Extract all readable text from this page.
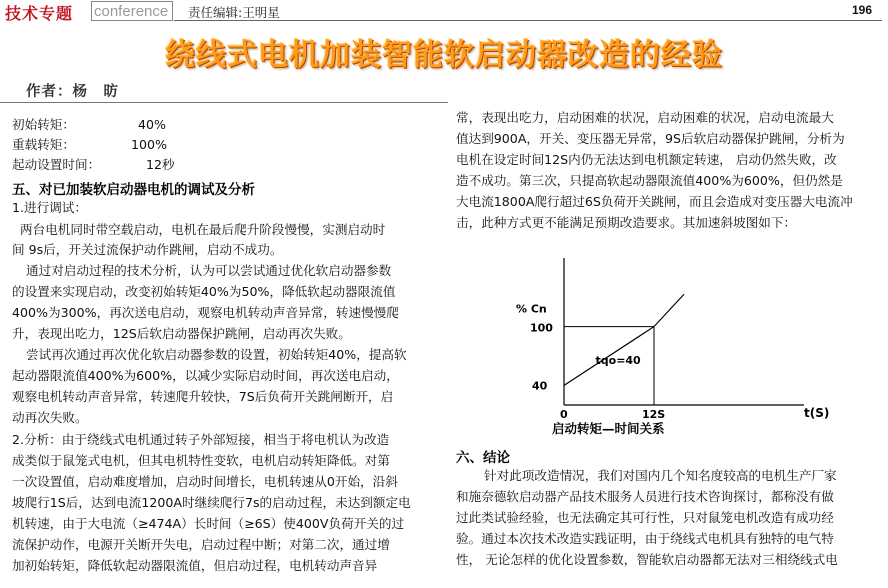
技术专题 conference 责任编辑:王明星	196
绕线式电机加装智能软启动器改造的经验
作者：杨　昉
初始转矩：	40%
重载转矩：	100%
起动设置时间：	12秒
五、对已加装软启动器电机的调试及分析
1.进行调试：
两台电机同时带空载启动，电机在最后爬升阶段慢慢，实测启动时
间 9s后，开关过流保护动作跳闸，启动不成功。
通过对启动过程的技术分析，认为可以尝试通过优化软启动器参数
的设置来实现启动，改变初始转矩40%为50%，降低软起动器限流值
400%为300%，再次送电启动，观察电机转动声音异常，转速慢慢爬
升，表现出吃力，12S后软启动器保护跳闸，启动再次失败。
尝试再次通过再次优化软启动器参数的设置，初始转矩40%，提高软
起动器限流值400%为600%，以减少实际启动时间，再次送电启动，
观察电机转动声音异常，转速爬升较快，7S后负荷开关跳闸断开，启
动再次失败。
2.分析：由于绕线式电机通过转子外部短接，相当于将电机认为改造
成类似于鼠笼式电机，但其电机特性变软，电机启动转矩降低。对第
一次设置值，启动难度增加，启动时间增长，电机转速从0开始，沿斜
坡爬行1S后，达到电流1200A时继续爬行7s的启动过程，未达到额定电
机转速，由于大电流（≥474A）长时间（≥6S）使400V负荷开关的过
流保护动作，电源开关断开失电，启动过程中断；对第二次，通过增
加初始转矩，降低软起动器限流值，但启动过程，电机转动声音异
常，表现出吃力，启动困难的状况，启动困难的状况，启动电流最大
值达到900A，开关、变压器无异常，9S后软启动器保护跳闸，分析为
电机在设定时间12S内仍无法达到电机额定转速， 启动仍然失败，改
造不成功。第三次，只提高软起动器限流值400%为600%，但仍然是
大电流1800A爬行超过6S负荷开关跳闸，而且会造成对变压器大电流冲
击，此种方式更不能满足预期改造要求。其加速斜坡图如下：
% Cn
100
40
0	12S	t(S)
tqo=40
启动转矩—时间关系
六、结论
针对此项改造情况，我们对国内几个知名度较高的电机生产厂家
和施奈德软启动器产品技术服务人员进行技术咨询探讨，都称没有做
过此类试验经验，也无法确定其可行性，只对鼠笼电机改造有成功经
验。通过本次技术改造实践证明，由于绕线式电机具有独特的电气特
性， 无论怎样的优化设置参数，智能软启动器都无法对三相绕线式电
